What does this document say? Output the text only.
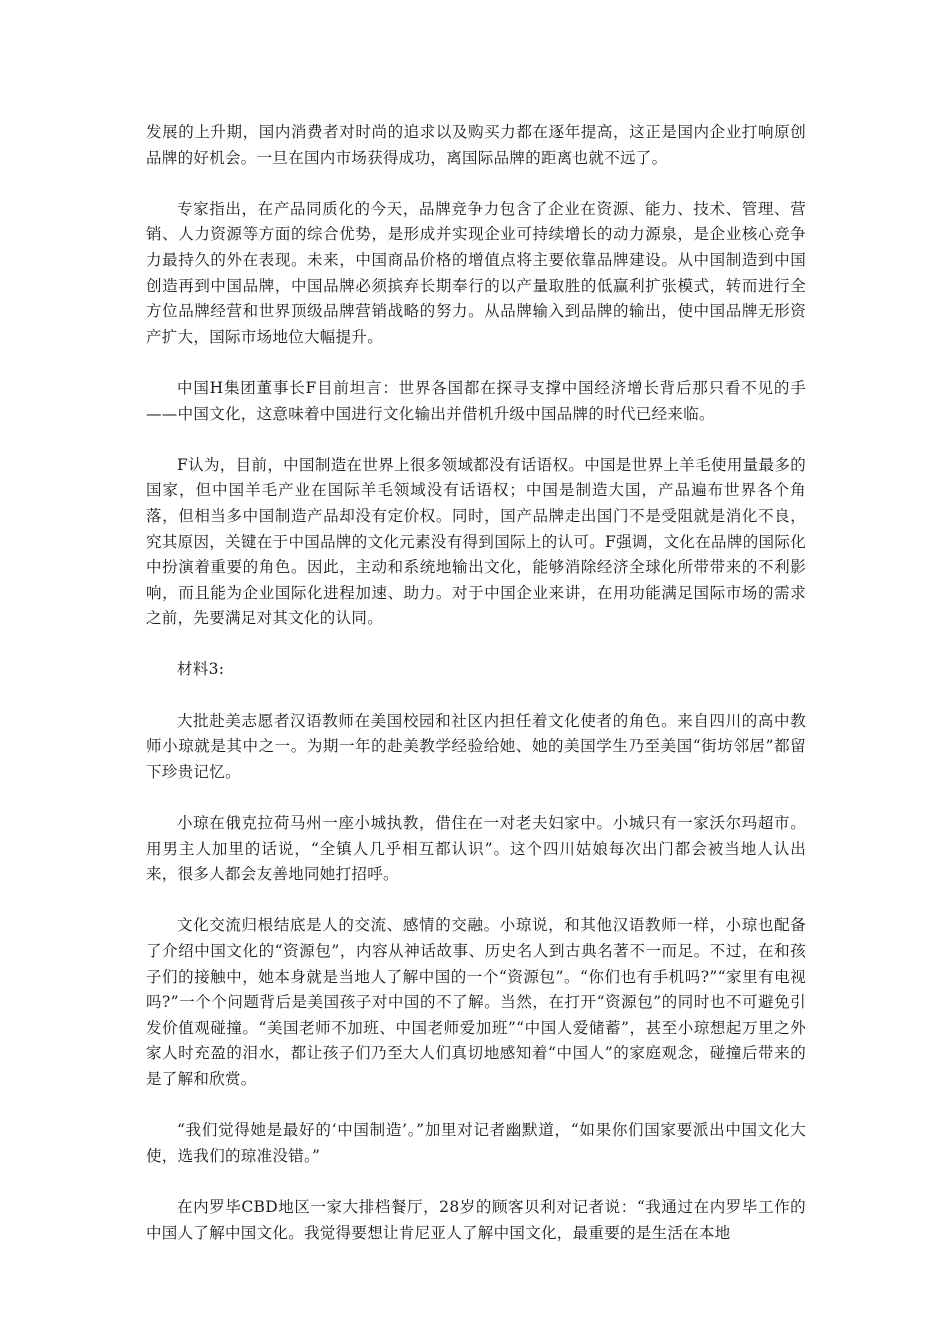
发展的上升期，国内消费者对时尚的追求以及购买力都在逐年提高，这正是国内企业打响原创品牌的好机会。一旦在国内市场获得成功，离国际品牌的距离也就不远了。

专家指出，在产品同质化的今天，品牌竞争力包含了企业在资源、能力、技术、管理、营销、人力资源等方面的综合优势，是形成并实现企业可持续增长的动力源泉，是企业核心竞争力最持久的外在表现。未来，中国商品价格的增值点将主要依靠品牌建设。从中国制造到中国创造再到中国品牌，中国品牌必须摈弃长期奉行的以产量取胜的低赢利扩张模式，转而进行全方位品牌经营和世界顶级品牌营销战略的努力。从品牌输入到品牌的输出，使中国品牌无形资产扩大，国际市场地位大幅提升。

中国H集团董事长F目前坦言：世界各国都在探寻支撑中国经济增长背后那只看不见的手——中国文化，这意味着中国进行文化输出并借机升级中国品牌的时代已经来临。

F认为，目前，中国制造在世界上很多领域都没有话语权。中国是世界上羊毛使用量最多的国家，但中国羊毛产业在国际羊毛领域没有话语权；中国是制造大国，产品遍布世界各个角落，但相当多中国制造产品却没有定价权。同时，国产品牌走出国门不是受阻就是消化不良，究其原因，关键在于中国品牌的文化元素没有得到国际上的认可。F强调，文化在品牌的国际化中扮演着重要的角色。因此，主动和系统地输出文化，能够消除经济全球化所带带来的不利影响，而且能为企业国际化进程加速、助力。对于中国企业来讲，在用功能满足国际市场的需求之前，先要满足对其文化的认同。

材料3:

大批赴美志愿者汉语教师在美国校园和社区内担任着文化使者的角色。来自四川的高中教师小琼就是其中之一。为期一年的赴美教学经验给她、她的美国学生乃至美国“街坊邻居”都留下珍贵记忆。

小琼在俄克拉荷马州一座小城执教，借住在一对老夫妇家中。小城只有一家沃尔玛超市。用男主人加里的话说，“全镇人几乎相互都认识”。这个四川姑娘每次出门都会被当地人认出来，很多人都会友善地同她打招呼。

文化交流归根结底是人的交流、感情的交融。小琼说，和其他汉语教师一样，小琼也配备了介绍中国文化的“资源包”，内容从神话故事、历史名人到古典名著不一而足。不过，在和孩子们的接触中，她本身就是当地人了解中国的一个“资源包”。“你们也有手机吗?”“家里有电视吗?”一个个问题背后是美国孩子对中国的不了解。当然，在打开“资源包”的同时也不可避免引发价值观碰撞。“美国老师不加班、中国老师爱加班”“中国人爱储蓄”，甚至小琼想起万里之外家人时充盈的泪水，都让孩子们乃至大人们真切地感知着“中国人”的家庭观念，碰撞后带来的是了解和欣赏。

“我们觉得她是最好的‘中国制造’。”加里对记者幽默道，“如果你们国家要派出中国文化大使，选我们的琼准没错。”

在内罗毕CBD地区一家大排档餐厅，28岁的顾客贝利对记者说：“我通过在内罗毕工作的中国人了解中国文化。我觉得要想让肯尼亚人了解中国文化，最重要的是生活在本地
